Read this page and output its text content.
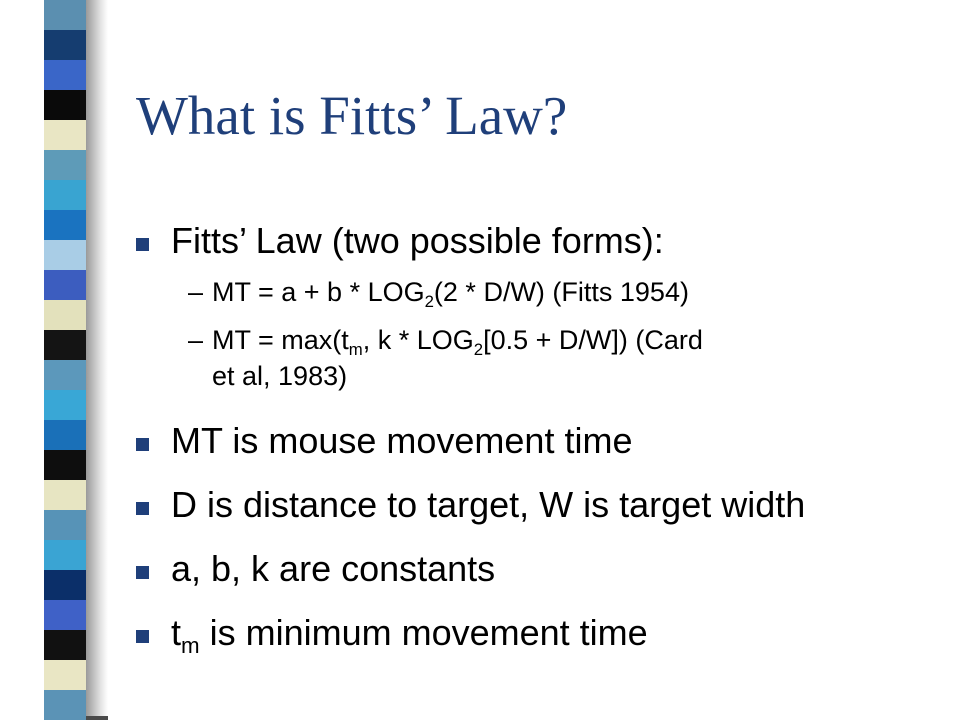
What is Fitts’ Law?
Fitts’ Law (two possible forms):
– MT = $a + b * LOG_2(2 * D/W)$ (Fitts 1954)
– MT = $\max(t_m$, $k * LOG_2[0.5 + D/W]$) (Card
et al, 1983)
MT is mouse movement time
D is distance to target, W is target width
a, b, k are constants
$t_m$ is minimum movement time
